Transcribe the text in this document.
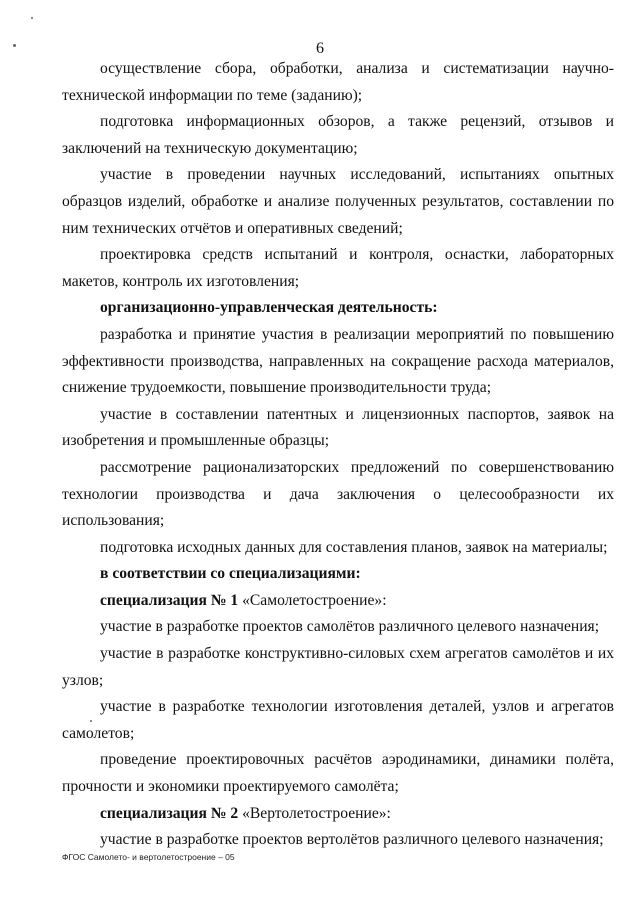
6

осуществление сбора, обработки, анализа и систематизации научно-технической информации по теме (заданию);

подготовка информационных обзоров, а также рецензий, отзывов и заключений на техническую документацию;

участие в проведении научных исследований, испытаниях опытных образцов изделий, обработке и анализе полученных результатов, составлении по ним технических отчётов и оперативных сведений;

проектировка средств испытаний и контроля, оснастки, лабораторных макетов, контроль их изготовления;

организационно-управленческая деятельность:

разработка и принятие участия в реализации мероприятий по повышению эффективности производства, направленных на сокращение расхода материалов, снижение трудоемкости, повышение производительности труда;

участие в составлении патентных и лицензионных паспортов, заявок на изобретения и промышленные образцы;

рассмотрение рационализаторских предложений по совершенствованию технологии производства и дача заключения о целесообразности их использования;

подготовка исходных данных для составления планов, заявок на материалы;

в соответствии со специализациями:

специализация № 1 «Самолетостроение»:

участие в разработке проектов самолётов различного целевого назначения;

участие в разработке конструктивно-силовых схем агрегатов самолётов и их узлов;

участие в разработке технологии изготовления деталей, узлов и агрегатов самолетов;

проведение проектировочных расчётов аэродинамики, динамики полёта, прочности и экономики проектируемого самолёта;

специализация № 2 «Вертолетостроение»:

участие в разработке проектов вертолётов различного целевого назначения;

ФГОС Самолето- и вертолетостроение – 05
